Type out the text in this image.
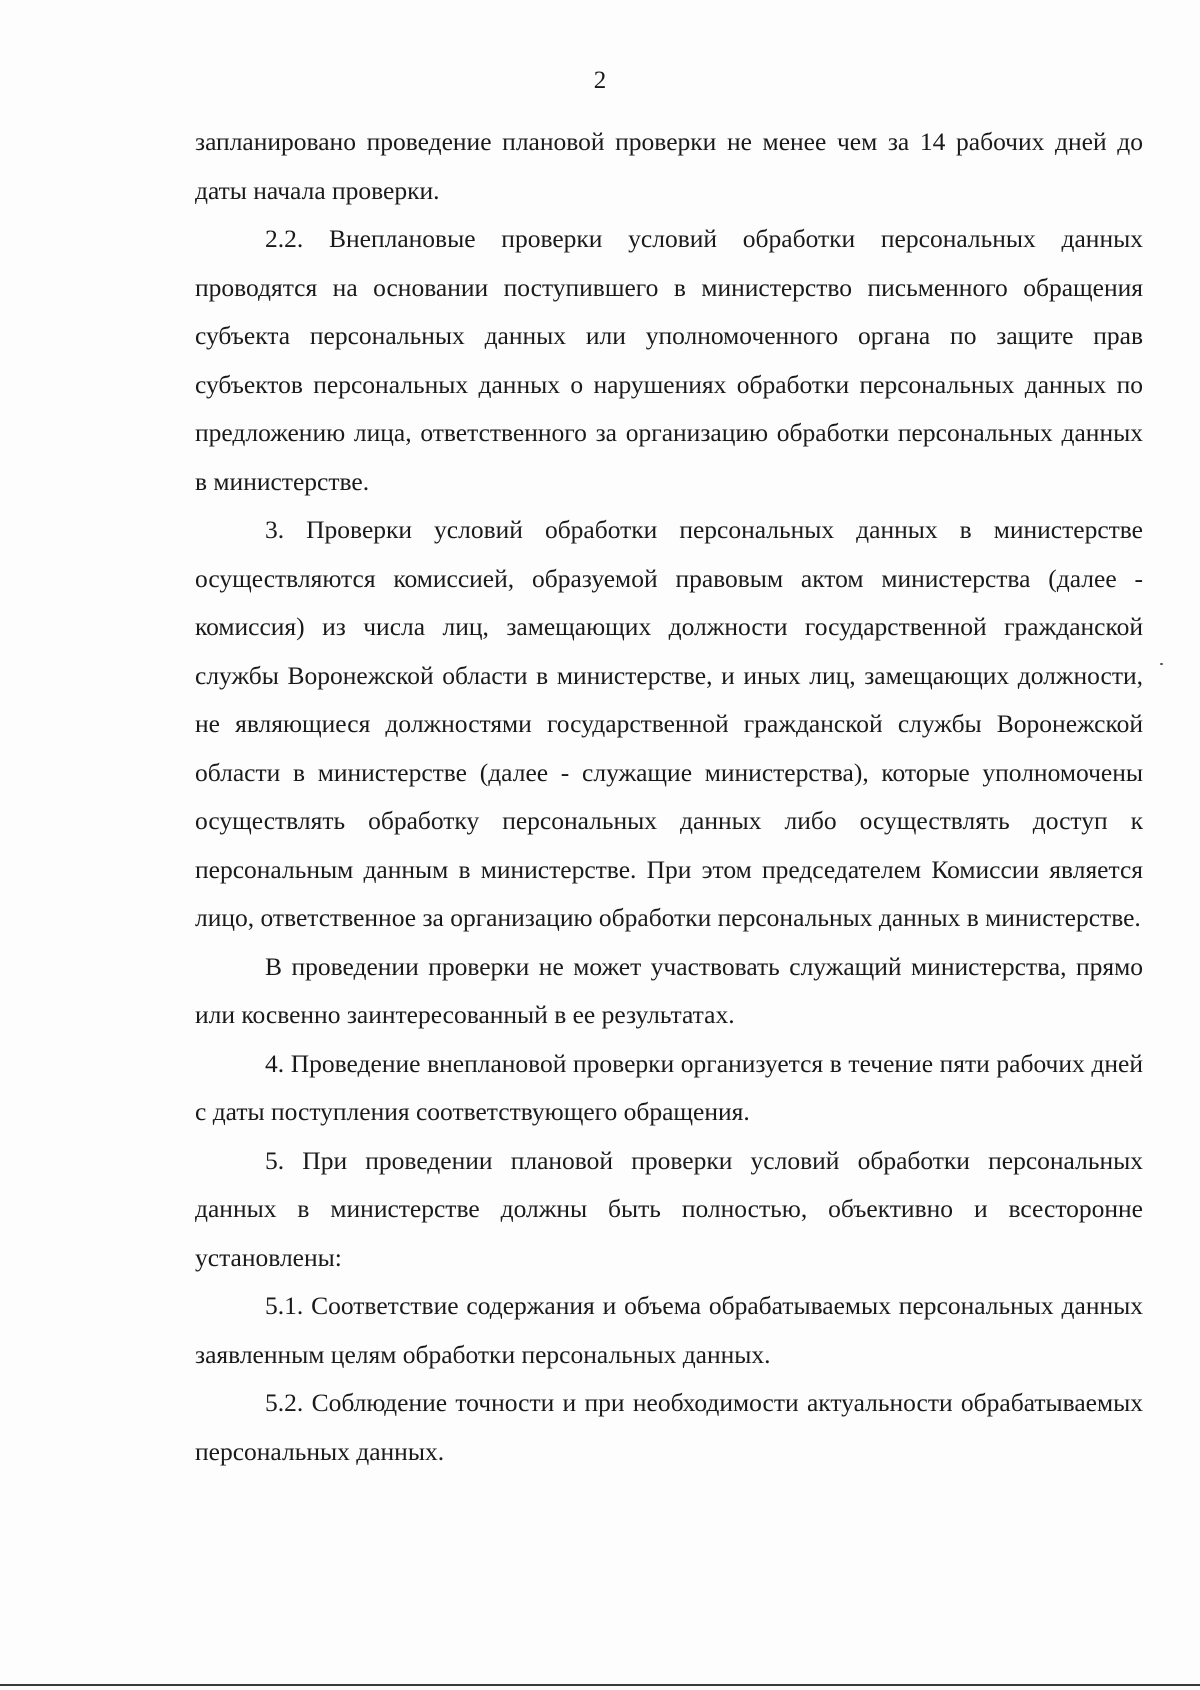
2

запланировано проведение плановой проверки не менее чем за 14 рабочих дней до даты начала проверки.

2.2. Внеплановые проверки условий обработки персональных данных проводятся на основании поступившего в министерство письменного обращения субъекта персональных данных или уполномоченного органа по защите прав субъектов персональных данных о нарушениях обработки персональных данных по предложению лица, ответственного за организацию обработки персональных данных в министерстве.

3. Проверки условий обработки персональных данных в министерстве осуществляются комиссией, образуемой правовым актом министерства (далее - комиссия) из числа лиц, замещающих должности государственной гражданской службы Воронежской области в министерстве, и иных лиц, замещающих должности, не являющиеся должностями государственной гражданской службы Воронежской области в министерстве (далее - служащие министерства), которые уполномочены осуществлять обработку персональных данных либо осуществлять доступ к персональным данным в министерстве. При этом председателем Комиссии является лицо, ответственное за организацию обработки персональных данных в министерстве.

В проведении проверки не может участвовать служащий министерства, прямо или косвенно заинтересованный в ее результатах.

4. Проведение внеплановой проверки организуется в течение пяти рабочих дней с даты поступления соответствующего обращения.

5. При проведении плановой проверки условий обработки персональных данных в министерстве должны быть полностью, объективно и всесторонне установлены:

5.1. Соответствие содержания и объема обрабатываемых персональных данных заявленным целям обработки персональных данных.

5.2. Соблюдение точности и при необходимости актуальности обрабатываемых персональных данных.
